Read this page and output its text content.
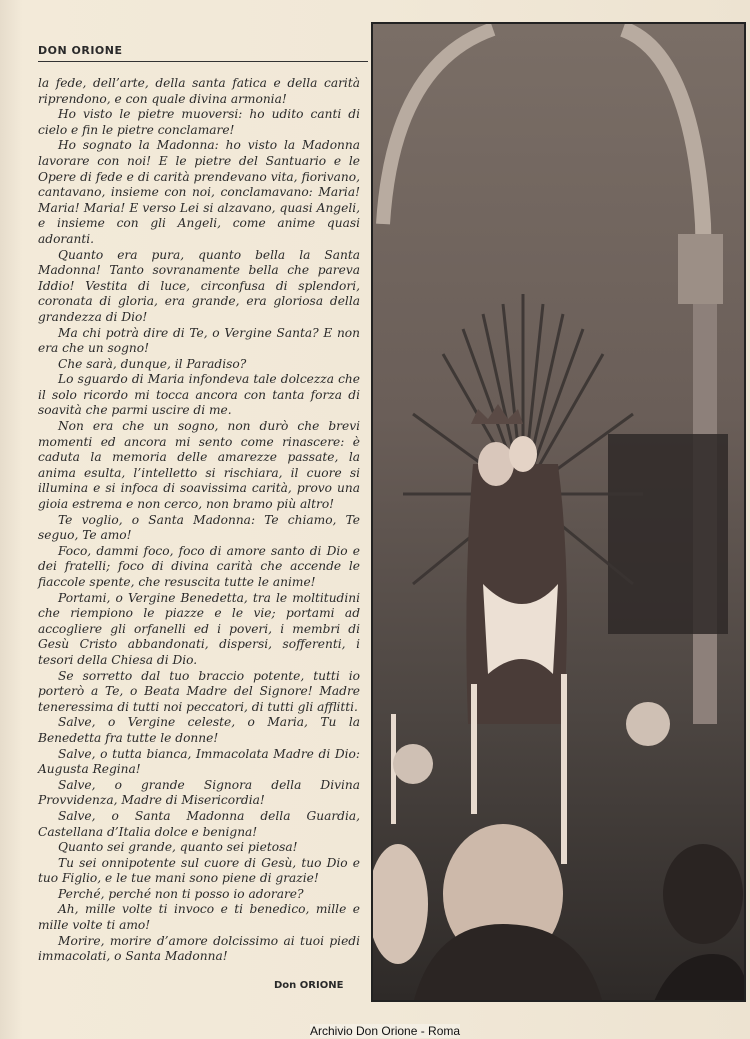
DON ORIONE

la fede, dell’arte, della santa fatica e della carità riprendono, e con quale divina armonia!

Ho visto le pietre muoversi: ho udito canti di cielo e fin le pietre conclamare!

Ho sognato la Madonna: ho visto la Madonna lavorare con noi! E le pietre del Santuario e le Opere di fede e di carità prendevano vita, fiorivano, cantavano, insieme con noi, conclamavano: Maria! Maria! Maria! E verso Lei si alzavano, quasi Angeli, e insieme con gli Angeli, come anime quasi adoranti.

Quanto era pura, quanto bella la Santa Madonna! Tanto sovranamente bella che pareva Iddio! Vestita di luce, circonfusa di splendori, coronata di gloria, era grande, era gloriosa della grandezza di Dio!

Ma chi potrà dire di Te, o Vergine Santa? E non era che un sogno!

Che sarà, dunque, il Paradiso?

Lo sguardo di Maria infondeva tale dolcezza che il solo ricordo mi tocca ancora con tanta forza di soavità che parmi uscire di me.

Non era che un sogno, non durò che brevi momenti ed ancora mi sento come rinascere: è caduta la memoria delle amarezze passate, la anima esulta, l’intelletto si rischiara, il cuore si illumina e si infoca di soavissima carità, provo una gioia estrema e non cerco, non bramo più altro!

Te voglio, o Santa Madonna: Te chiamo, Te seguo, Te amo!

Foco, dammi foco, foco di amore santo di Dio e dei fratelli; foco di divina carità che accende le fiaccole spente, che resuscita tutte le anime!

Portami, o Vergine Benedetta, tra le moltitudini che riempiono le piazze e le vie; portami ad accogliere gli orfanelli ed i poveri, i membri di Gesù Cristo abbandonati, dispersi, sofferenti, i tesori della Chiesa di Dio.

Se sorretto dal tuo braccio potente, tutti io porterò a Te, o Beata Madre del Signore! Madre teneressima di tutti noi peccatori, di tutti gli afflitti.

Salve, o Vergine celeste, o Maria, Tu la Benedetta fra tutte le donne!

Salve, o tutta bianca, Immacolata Madre di Dio: Augusta Regina!

Salve, o grande Signora della Divina Provvidenza, Madre di Misericordia!

Salve, o Santa Madonna della Guardia, Castellana d’Italia dolce e benigna!

Quanto sei grande, quanto sei pietosa!

Tu sei onnipotente sul cuore di Gesù, tuo Dio e tuo Figlio, e le tue mani sono piene di grazie!

Perché, perché non ti posso io adorare?

Ah, mille volte ti invoco e ti benedico, mille e mille volte ti amo!

Morire, morire d’amore dolcissimo ai tuoi piedi immacolati, o Santa Madonna!

Don ORIONE
Archivio Don Orione - Roma
